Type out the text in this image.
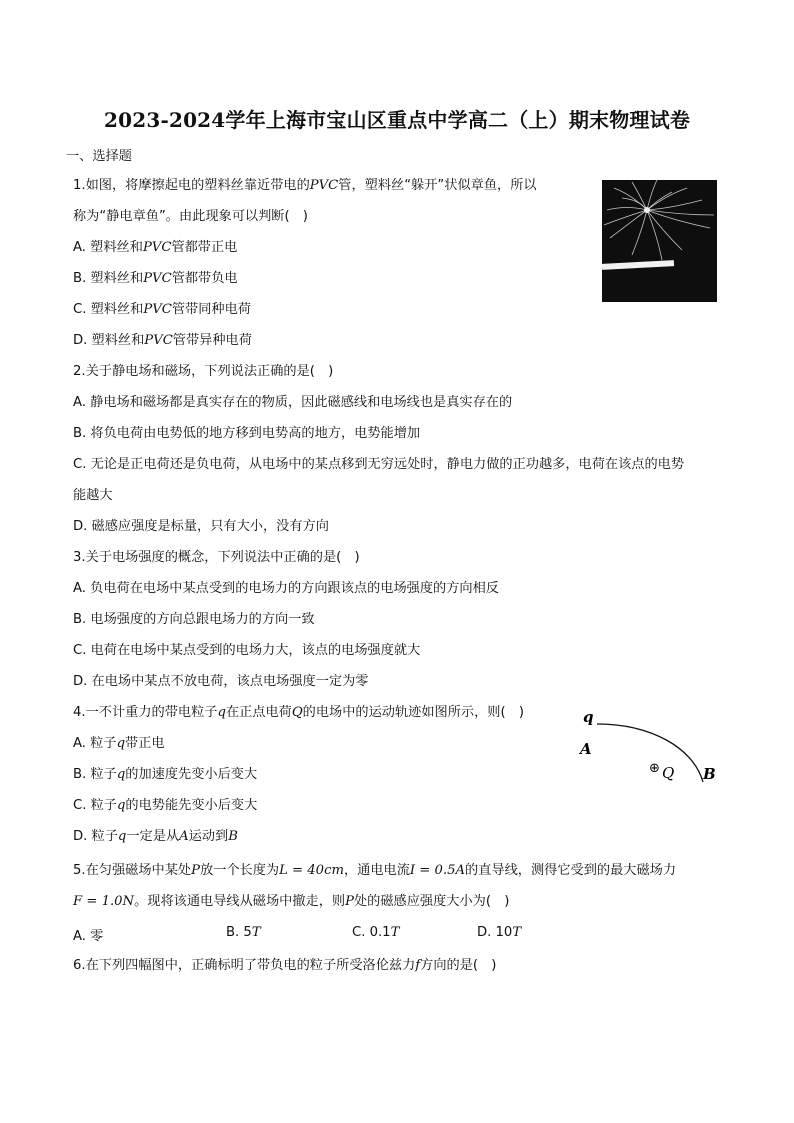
2023-2024学年上海市宝山区重点中学高二（上）期末物理试卷
一、选择题
1.如图，将摩擦起电的塑料丝靠近带电的PVC管，塑料丝“躲开”状似章鱼，所以
称为“静电章鱼”。由此现象可以判断(　)
A. 塑料丝和PVC管都带正电
B. 塑料丝和PVC管都带负电
C. 塑料丝和PVC管带同种电荷
D. 塑料丝和PVC管带异种电荷
2.关于静电场和磁场，下列说法正确的是(　)
A. 静电场和磁场都是真实存在的物质，因此磁感线和电场线也是真实存在的
B. 将负电荷由电势低的地方移到电势高的地方，电势能增加
C. 无论是正电荷还是负电荷，从电场中的某点移到无穷远处时，静电力做的正功越多，电荷在该点的电势
能越大
D. 磁感应强度是标量，只有大小，没有方向
3.关于电场强度的概念，下列说法中正确的是(　)
A. 负电荷在电场中某点受到的电场力的方向跟该点的电场强度的方向相反
B. 电场强度的方向总跟电场力的方向一致
C. 电荷在电场中某点受到的电场力大，该点的电场强度就大
D. 在电场中某点不放电荷，该点电场强度一定为零
4.一不计重力的带电粒子q在正点电荷Q的电场中的运动轨迹如图所示，则(　)
A. 粒子q带正电
B. 粒子q的加速度先变小后变大
C. 粒子q的电势能先变小后变大
D. 粒子q一定是从A运动到B
q
A
⊕ Q B
5.在匀强磁场中某处P放一个长度为L = 40cm，通电电流I = 0.5A的直导线，测得它受到的最大磁场力
F = 1.0N。现将该通电导线从磁场中撤走，则P处的磁感应强度大小为(　)
A. 零	B. 5T	C. 0.1T	D. 10T
6.在下列四幅图中，正确标明了带负电的粒子所受洛伦兹力f方向的是(　)
